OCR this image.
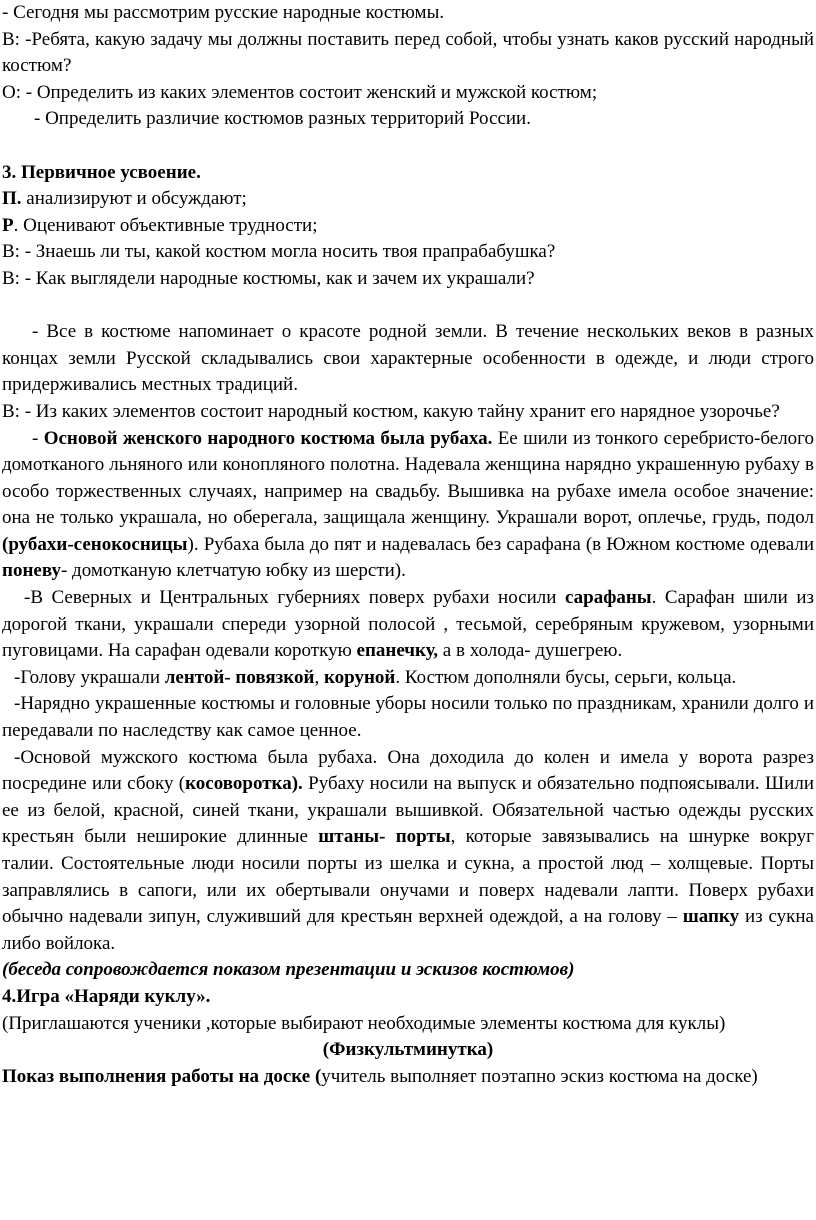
- Сегодня мы рассмотрим русские народные костюмы.

В: -Ребята, какую задачу мы должны поставить перед собой, чтобы узнать каков русский народный костюм?

О: - Определить из каких элементов состоит женский и мужской костюм;

- Определить различие костюмов разных территорий России.

3. Первичное усвоение.

П. анализируют и обсуждают;

Р. Оценивают объективные трудности;

В: - Знаешь ли ты, какой костюм могла носить твоя прапрабабушка?

В: - Как выглядели народные костюмы, как и зачем их украшали?

- Все в костюме напоминает о красоте родной земли. В течение нескольких веков в разных концах земли Русской складывались свои характерные особенности в одежде, и люди строго придерживались местных традиций.

В: - Из каких элементов состоит народный костюм, какую тайну хранит его нарядное узорочье?

- Основой женского народного костюма была рубаха. Ее шили из тонкого серебристо-белого домотканого льняного или конопляного полотна. Надевала женщина нарядно украшенную рубаху в особо торжественных случаях, например на свадьбу. Вышивка на рубахе имела особое значение: она не только украшала, но оберегала, защищала женщину. Украшали ворот, оплечье, грудь, подол (рубахи-сенокосницы). Рубаха была до пят и надевалась без сарафана (в Южном костюме одевали поневу- домотканую клетчатую юбку из шерсти).

-В Северных и Центральных губерниях поверх рубахи носили сарафаны. Сарафан шили из дорогой ткани, украшали спереди узорной полосой , тесьмой, серебряным кружевом, узорными пуговицами. На сарафан одевали короткую епанечку, а в холода- душегрею.

-Голову украшали лентой- повязкой, коруной. Костюм дополняли бусы, серьги, кольца.

-Нарядно украшенные костюмы и головные уборы носили только по праздникам, хранили долго и передавали по наследству как самое ценное.

-Основой мужского костюма была рубаха. Она доходила до колен и имела у ворота разрез посредине или сбоку (косоворотка). Рубаху носили на выпуск и обязательно подпоясывали. Шили ее из белой, красной, синей ткани, украшали вышивкой. Обязательной частью одежды русских крестьян были неширокие длинные штаны- порты, которые завязывались на шнурке вокруг талии. Состоятельные люди носили порты из шелка и сукна, а простой люд – холщевые. Порты заправлялись в сапоги, или их обертывали онучами и поверх надевали лапти. Поверх рубахи обычно надевали зипун, служивший для крестьян верхней одеждой, а на голову – шапку из сукна либо войлока.

(беседа сопровождается показом презентации и эскизов костюмов)

4.Игра «Наряди куклу».

(Приглашаются ученики ,которые выбирают необходимые элементы костюма для куклы)

(Физкультминутка)

Показ выполнения работы на доске (учитель выполняет поэтапно эскиз костюма на доске)
